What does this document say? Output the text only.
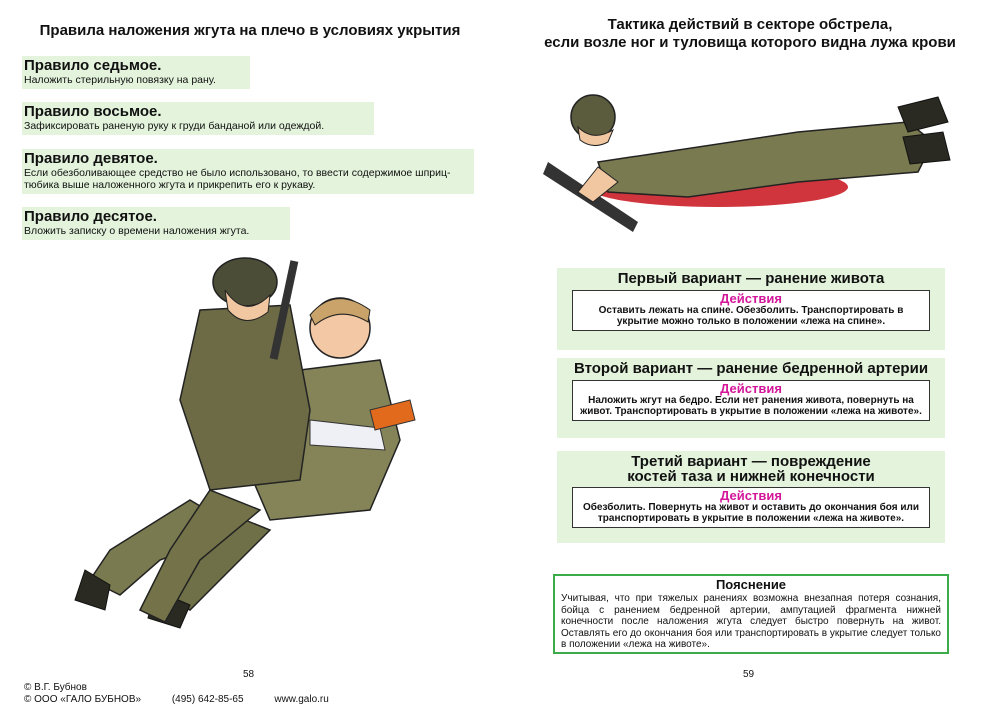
Правила наложения жгута на плечо в условиях укрытия
Правило седьмое.

Наложить стерильную повязку на рану.

Правило восьмое.

Зафиксировать раненую руку к груди банданой или одеждой.

Правило девятое.

Если обезболивающее средство не было использовано, то ввести содержимое шприц-тюбика выше наложенного жгута и прикрепить его к рукаву.

Правило десятое.

Вложить записку о времени наложения жгута.

58
© В.Г. Бубнов
© ООО «ГАЛО БУБНОВ»	(495) 642-85-65	www.galo.ru
Тактика действий в секторе обстрела,
если возле ног и туловища которого видна лужа крови
Первый вариант — ранение живота
Действия
Оставить лежать на спине. Обезболить. Транспортировать в укрытие можно только в положении «лежа на спине».
Второй вариант — ранение бедренной артерии
Действия
Наложить жгут на бедро. Если нет ранения живота, повернуть на живот. Транспортировать в укрытие в положении «лежа на животе».
Третий вариант — повреждение костей таза и нижней конечности
Действия
Обезболить. Повернуть на живот и оставить до окончания боя или транспортировать в укрытие в положении «лежа на животе».
Пояснение

Учитывая, что при тяжелых ранениях возможна внезапная потеря сознания, бойца с ранением бедренной артерии, ампутацией фрагмента нижней конечности после наложения жгута следует быстро повернуть на живот. Оставлять его до окончания боя или транспортировать в укрытие следует только в положении «лежа на животе».

59
